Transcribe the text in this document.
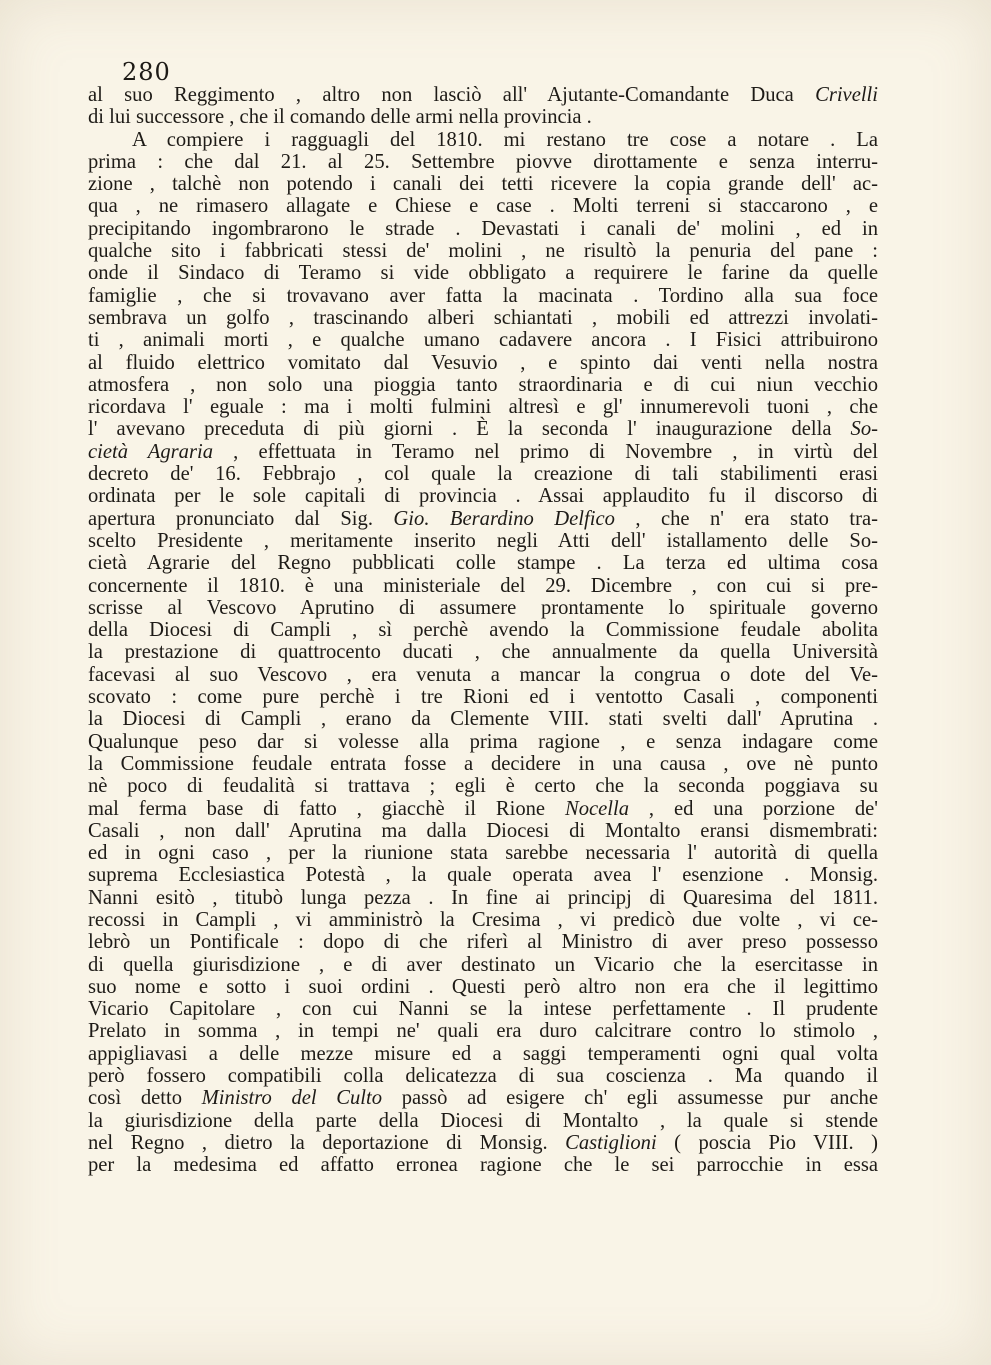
280
al suo Reggimento , altro non lasciò all' Ajutante-Comandante Duca Crivelli
di lui successore , che il comando delle armi nella provincia .
A compiere i ragguagli del 1810. mi restano tre cose a notare . La
prima : che dal 21. al 25. Settembre piovve dirottamente e senza interru-
zione , talchè non potendo i canali dei tetti ricevere la copia grande dell' ac-
qua , ne rimasero allagate e Chiese e case . Molti terreni si staccarono , e
precipitando ingombrarono le strade . Devastati i canali de' molini , ed in
qualche sito i fabbricati stessi de' molini , ne risultò la penuria del pane :
onde il Sindaco di Teramo si vide obbligato a requirere le farine da quelle
famiglie , che si trovavano aver fatta la macinata . Tordino alla sua foce
sembrava un golfo , trascinando alberi schiantati , mobili ed attrezzi involati-
ti , animali morti , e qualche umano cadavere ancora . I Fisici attribuirono
al fluido elettrico vomitato dal Vesuvio , e spinto dai venti nella nostra
atmosfera , non solo una pioggia tanto straordinaria e di cui niun vecchio
ricordava l' eguale : ma i molti fulmini altresì e gl' innumerevoli tuoni , che
l' avevano preceduta di più giorni . È la seconda l' inaugurazione della So-
cietà Agraria , effettuata in Teramo nel primo di Novembre , in virtù del
decreto de' 16. Febbrajo , col quale la creazione di tali stabilimenti erasi
ordinata per le sole capitali di provincia . Assai applaudito fu il discorso di
apertura pronunciato dal Sig. Gio. Berardino Delfico , che n' era stato tra-
scelto Presidente , meritamente inserito negli Atti dell' istallamento delle So-
cietà Agrarie del Regno pubblicati colle stampe . La terza ed ultima cosa
concernente il 1810. è una ministeriale del 29. Dicembre , con cui si pre-
scrisse al Vescovo Aprutino di assumere prontamente lo spirituale governo
della Diocesi di Campli , sì perchè avendo la Commissione feudale abolita
la prestazione di quattrocento ducati , che annualmente da quella Università
facevasi al suo Vescovo , era venuta a mancar la congrua o dote del Ve-
scovato : come pure perchè i tre Rioni ed i ventotto Casali , componenti
la Diocesi di Campli , erano da Clemente VIII. stati svelti dall' Aprutina .
Qualunque peso dar si volesse alla prima ragione , e senza indagare come
la Commissione feudale entrata fosse a decidere in una causa , ove nè punto
nè poco di feudalità si trattava ; egli è certo che la seconda poggiava su
mal ferma base di fatto , giacchè il Rione Nocella , ed una porzione de'
Casali , non dall' Aprutina ma dalla Diocesi di Montalto eransi dismembrati:
ed in ogni caso , per la riunione stata sarebbe necessaria l' autorità di quella
suprema Ecclesiastica Potestà , la quale operata avea l' esenzione . Monsig.
Nanni esitò , titubò lunga pezza . In fine ai principj di Quaresima del 1811.
recossi in Campli , vi amministrò la Cresima , vi predicò due volte , vi ce-
lebrò un Pontificale : dopo di che riferì al Ministro di aver preso possesso
di quella giurisdizione , e di aver destinato un Vicario che la esercitasse in
suo nome e sotto i suoi ordini . Questi però altro non era che il legittimo
Vicario Capitolare , con cui Nanni se la intese perfettamente . Il prudente
Prelato in somma , in tempi ne' quali era duro calcitrare contro lo stimolo ,
appigliavasi a delle mezze misure ed a saggi temperamenti ogni qual volta
però fossero compatibili colla delicatezza di sua coscienza . Ma quando il
così detto Ministro del Culto passò ad esigere ch' egli assumesse pur anche
la giurisdizione della parte della Diocesi di Montalto , la quale si stende
nel Regno , dietro la deportazione di Monsig. Castiglioni ( poscia Pio VIII. )
per la medesima ed affatto erronea ragione che le sei parrocchie in essa
